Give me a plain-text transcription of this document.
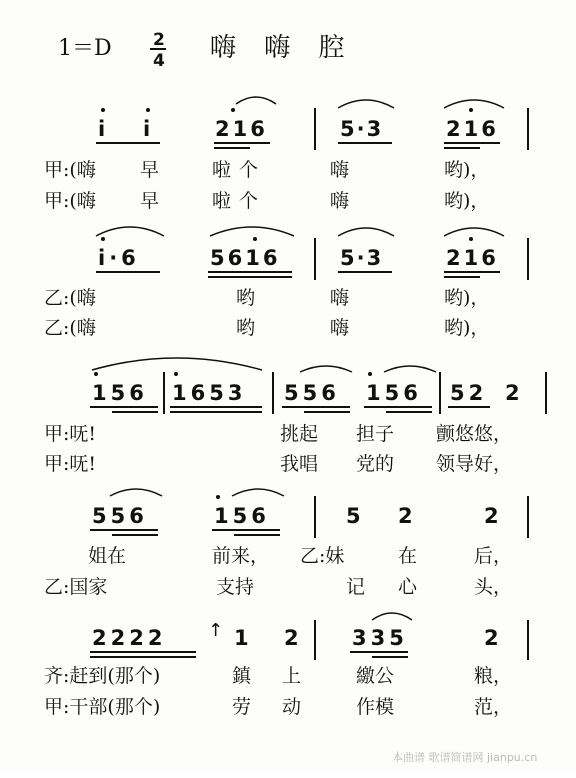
1＝D 2
4 嗨 嗨 腔
i i	216	5·3	216
甲:(嗨 早	啦个	嗨	哟)，
甲:(嗨 早	啦个	嗨	哟)，
i·6	5616	5·3	216
乙:(嗨	哟	嗨	哟)，
乙:(嗨	哟	嗨	哟)，
156 1653 556 156 52 2
甲:呒!	挑起 担子 颤悠悠，
甲:呒!	我唱 党的 领导好，
556	156	5 2	2
姐在	前来， 乙:妹	在	后，
乙:国家	支持	记 心	头，
2222 ↑ 1 2	335	2
齐:赶到(那个)	鎮 上	繳公	粮，
甲:干部(那个)	劳 动	作模	范，
本曲谱 歌谱简谱网 jianpu.cn
